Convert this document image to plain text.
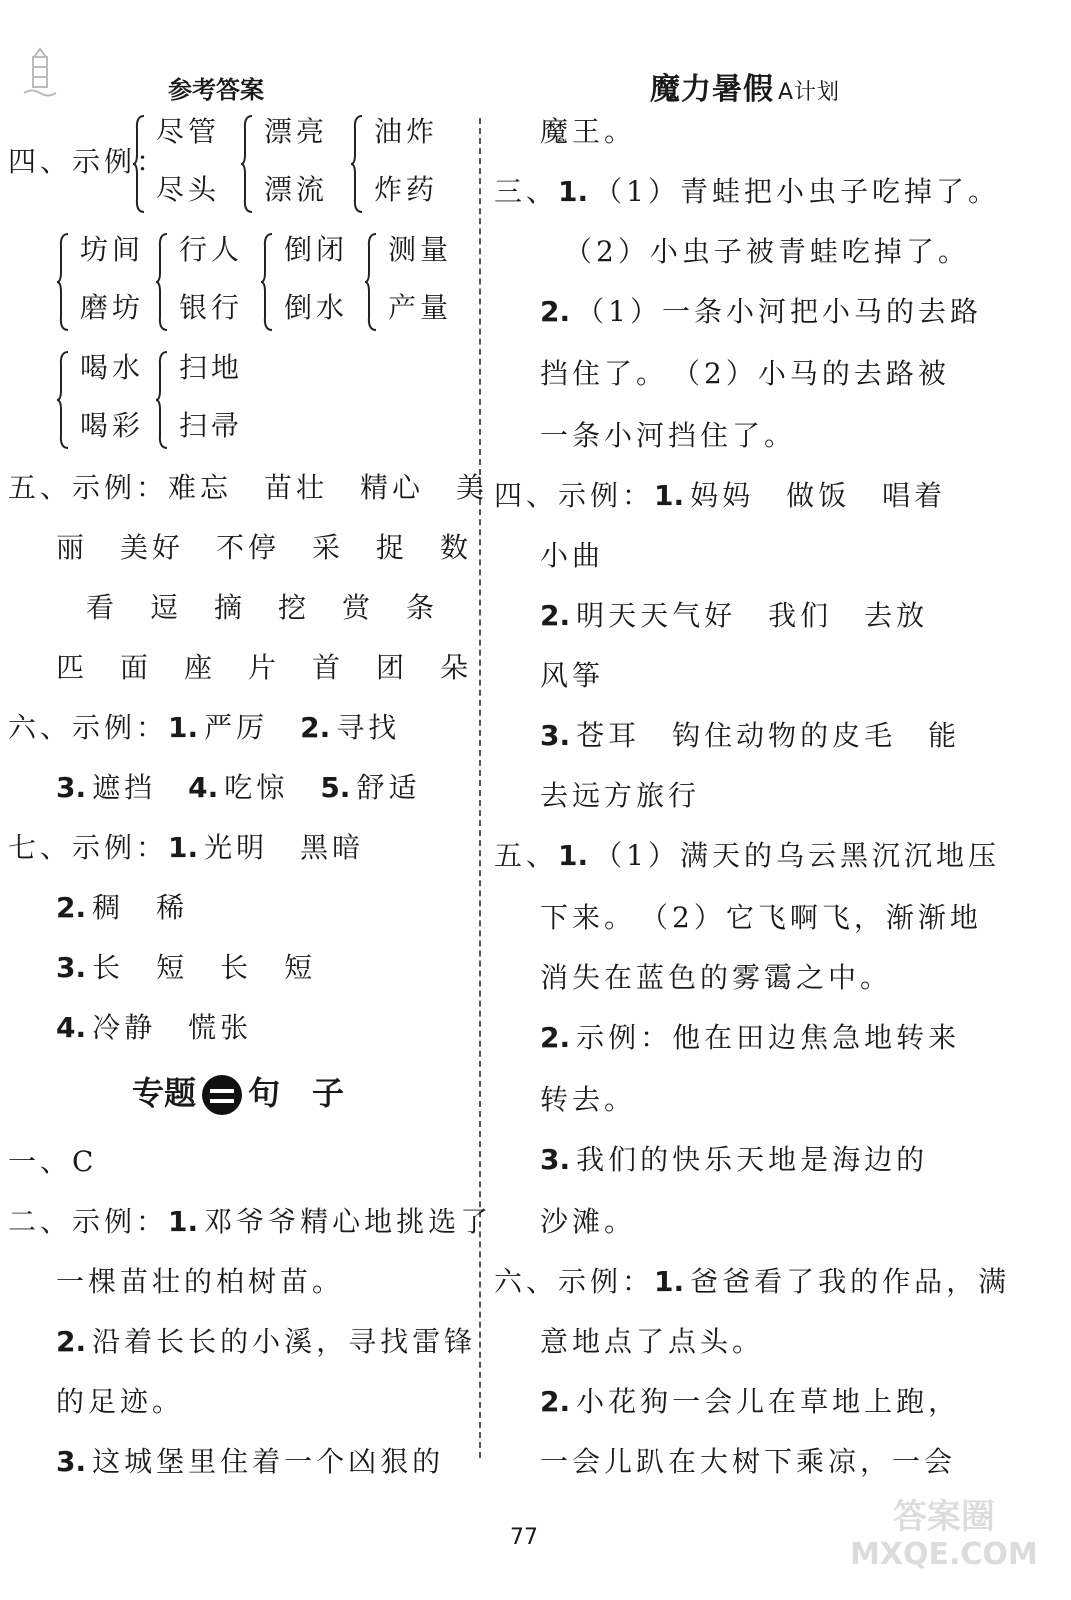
参考答案	魔力暑假 A计划
四、示例：
尽管
尽头
漂亮
漂流
油炸
炸药
坊间
磨坊
行人
银行
倒闭
倒水
测量
产量
喝水
喝彩
扫地
扫帚
五、示例：难忘　苗壮　精心　美
丽　美好　不停　采　捉　数
看　逗　摘　挖　赏　条
匹　面　座　片　首　团　朵
六、示例：1. 严厉　 2. 寻找
3. 遮挡　 4. 吃惊　 5. 舒适
七、示例：1. 光明　黑暗
2. 稠　稀
3. 长　短　长　短
4. 冷静　慌张
专题 句　子
一、C
二、示例：1. 邓爷爷精心地挑选了
一棵苗壮的柏树苗。
2. 沿着长长的小溪，寻找雷锋
的足迹。
3. 这城堡里住着一个凶狠的
魔王。
三、1. （1）青蛙把小虫子吃掉了。
（2）小虫子被青蛙吃掉了。
2. （1）一条小河把小马的去路
挡住了。　（2）小马的去路被
一条小河挡住了。
四、示例：1. 妈妈　做饭　唱着
小曲
2. 明天天气好　我们　去放
风筝
3. 苍耳　钩住动物的皮毛　能
去远方旅行
五、1. （1）满天的乌云黑沉沉地压
下来。　（2）它飞啊飞，渐渐地
消失在蓝色的雾霭之中。
2. 示例：他在田边焦急地转来
转去。
3. 我们的快乐天地是海边的
沙滩。
六、示例：1. 爸爸看了我的作品，满
意地点了点头。
2. 小花狗一会儿在草地上跑，
一会儿趴在大树下乘凉，一会
77
答案圈
MXQE.COM
